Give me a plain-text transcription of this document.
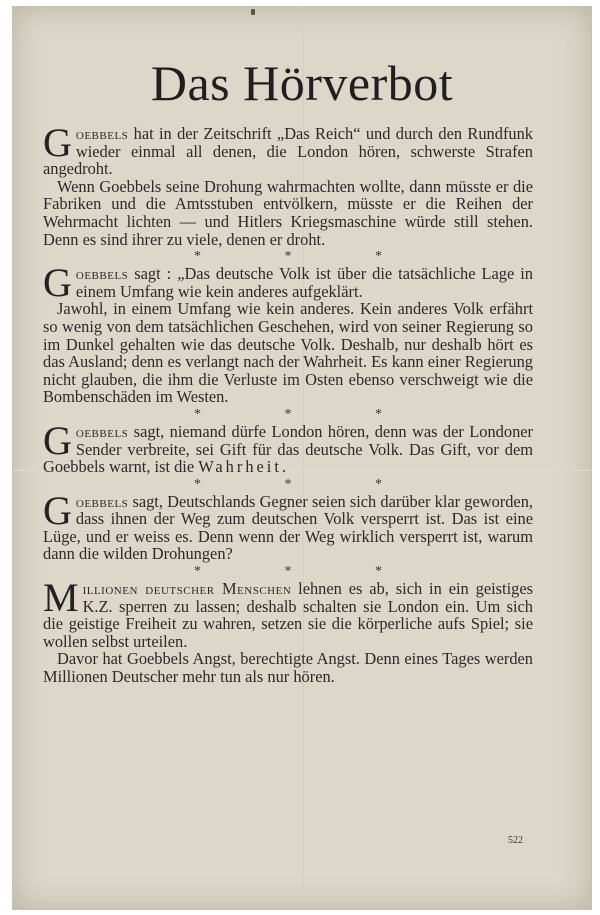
Das Hörverbot

Goebbels hat in der Zeitschrift „Das Reich“ und durch den Rundfunk wieder einmal all denen, die London hören, schwerste Strafen angedroht.

Wenn Goebbels seine Drohung wahrmachten wollte, dann müsste er die Fabriken und die Amtsstuben entvölkern, müsste er die Reihen der Wehrmacht lichten — und Hitlers Kriegsmaschine würde still stehen. Denn es sind ihrer zu viele, denen er droht.

* * *

Goebbels sagt : „Das deutsche Volk ist über die tatsächliche Lage in einem Umfang wie kein anderes aufgeklärt.

Jawohl, in einem Umfang wie kein anderes. Kein anderes Volk erfährt so wenig von dem tatsächlichen Geschehen, wird von seiner Regierung so im Dunkel gehalten wie das deutsche Volk. Deshalb, nur deshalb hört es das Ausland; denn es verlangt nach der Wahrheit. Es kann einer Regierung nicht glauben, die ihm die Verluste im Osten ebenso verschweigt wie die Bombenschäden im Westen.

* * *

Goebbels sagt, niemand dürfe London hören, denn was der Londoner Sender verbreite, sei Gift für das deutsche Volk. Das Gift, vor dem Goebbels warnt, ist die Wahrheit.

* * *

Goebbels sagt, Deutschlands Gegner seien sich darüber klar geworden, dass ihnen der Weg zum deutschen Volk versperrt ist. Das ist eine Lüge, und er weiss es. Denn wenn der Weg wirklich versperrt ist, warum dann die wilden Drohungen?

* * *

Millionen deutscher Menschen lehnen es ab, sich in ein geistiges K.Z. sperren zu lassen; deshalb schalten sie London ein. Um sich die geistige Freiheit zu wahren, setzen sie die körperliche aufs Spiel; sie wollen selbst urteilen.

Davor hat Goebbels Angst, berechtigte Angst. Denn eines Tages werden Millionen Deutscher mehr tun als nur hören.

522
